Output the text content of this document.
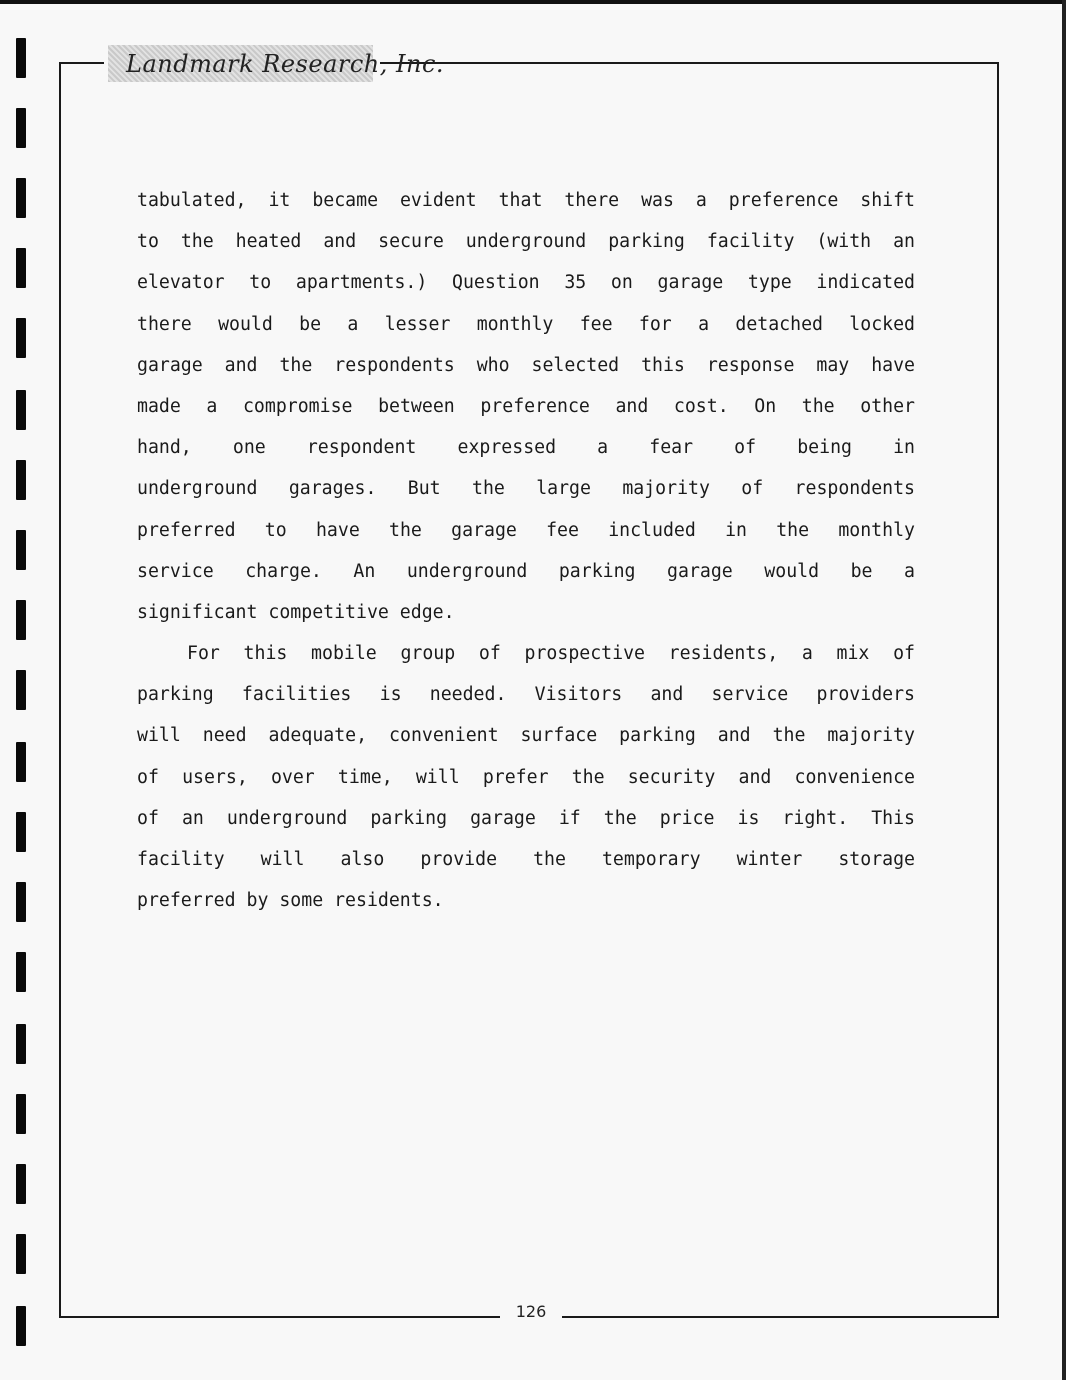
Landmark Research, Inc.
tabulated, it became evident that there was a preference shift
to the heated and secure underground parking facility (with an
elevator to apartments.) Question 35 on garage type indicated
there would be a lesser monthly fee for a detached locked
garage and the respondents who selected this response may have
made a compromise between preference and cost. On the other
hand, one respondent expressed a fear of being in
underground garages. But the large majority of respondents
preferred to have the garage fee included in the monthly
service charge. An underground parking garage would be a
significant competitive edge.
For this mobile group of prospective residents, a mix of
parking facilities is needed. Visitors and service providers
will need adequate, convenient surface parking and the majority
of users, over time, will prefer the security and convenience
of an underground parking garage if the price is right. This
facility will also provide the temporary winter storage
preferred by some residents.
126
